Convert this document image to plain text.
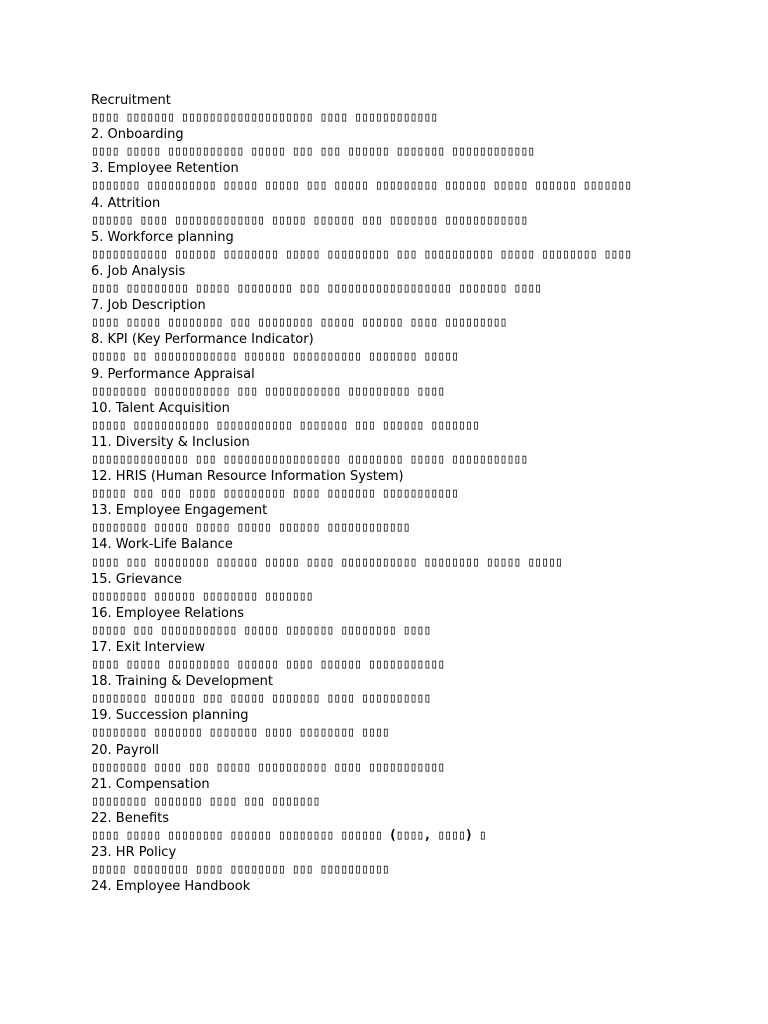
Recruitment
▯▯▯▯ ▯▯▯▯▯▯▯ ▯▯▯▯▯▯▯▯▯▯▯▯▯▯▯▯▯▯▯ ▯▯▯▯ ▯▯▯▯▯▯▯▯▯▯▯▯
2. Onboarding
▯▯▯▯ ▯▯▯▯▯ ▯▯▯▯▯▯▯▯▯▯▯ ▯▯▯▯▯ ▯▯▯ ▯▯▯ ▯▯▯▯▯▯ ▯▯▯▯▯▯▯ ▯▯▯▯▯▯▯▯▯▯▯▯
3. Employee Retention
▯▯▯▯▯▯▯ ▯▯▯▯▯▯▯▯▯▯ ▯▯▯▯▯ ▯▯▯▯▯ ▯▯▯ ▯▯▯▯▯ ▯▯▯▯▯▯▯▯▯ ▯▯▯▯▯▯ ▯▯▯▯▯ ▯▯▯▯▯▯ ▯▯▯▯▯▯▯
4. Attrition
▯▯▯▯▯▯ ▯▯▯▯ ▯▯▯▯▯▯▯▯▯▯▯▯▯ ▯▯▯▯▯ ▯▯▯▯▯▯ ▯▯▯ ▯▯▯▯▯▯▯ ▯▯▯▯▯▯▯▯▯▯▯▯
5. Workforce planning
▯▯▯▯▯▯▯▯▯▯▯ ▯▯▯▯▯▯ ▯▯▯▯▯▯▯▯ ▯▯▯▯▯ ▯▯▯▯▯▯▯▯▯ ▯▯▯ ▯▯▯▯▯▯▯▯▯▯ ▯▯▯▯▯ ▯▯▯▯▯▯▯▯ ▯▯▯▯
6. Job Analysis
▯▯▯▯ ▯▯▯▯▯▯▯▯▯ ▯▯▯▯▯ ▯▯▯▯▯▯▯▯ ▯▯▯ ▯▯▯▯▯▯▯▯▯▯▯▯▯▯▯▯▯▯ ▯▯▯▯▯▯▯ ▯▯▯▯
7. Job Description
▯▯▯▯ ▯▯▯▯▯ ▯▯▯▯▯▯▯▯ ▯▯▯ ▯▯▯▯▯▯▯▯ ▯▯▯▯▯ ▯▯▯▯▯▯ ▯▯▯▯ ▯▯▯▯▯▯▯▯▯
8. KPI (Key Performance Indicator)
▯▯▯▯▯ ▯▯ ▯▯▯▯▯▯▯▯▯▯▯▯ ▯▯▯▯▯▯ ▯▯▯▯▯▯▯▯▯▯ ▯▯▯▯▯▯▯ ▯▯▯▯▯
9. Performance Appraisal
▯▯▯▯▯▯▯▯ ▯▯▯▯▯▯▯▯▯▯▯ ▯▯▯ ▯▯▯▯▯▯▯▯▯▯▯ ▯▯▯▯▯▯▯▯▯ ▯▯▯▯
10. Talent Acquisition
▯▯▯▯▯ ▯▯▯▯▯▯▯▯▯▯▯ ▯▯▯▯▯▯▯▯▯▯▯ ▯▯▯▯▯▯▯ ▯▯▯ ▯▯▯▯▯▯ ▯▯▯▯▯▯▯
11. Diversity & Inclusion
▯▯▯▯▯▯▯▯▯▯▯▯▯▯ ▯▯▯ ▯▯▯▯▯▯▯▯▯▯▯▯▯▯▯▯▯ ▯▯▯▯▯▯▯▯ ▯▯▯▯▯ ▯▯▯▯▯▯▯▯▯▯▯
12. HRIS (Human Resource Information System)
▯▯▯▯▯ ▯▯▯ ▯▯▯ ▯▯▯▯ ▯▯▯▯▯▯▯▯▯ ▯▯▯▯ ▯▯▯▯▯▯▯ ▯▯▯▯▯▯▯▯▯▯▯
13. Employee Engagement
▯▯▯▯▯▯▯▯ ▯▯▯▯▯ ▯▯▯▯▯ ▯▯▯▯▯ ▯▯▯▯▯▯ ▯▯▯▯▯▯▯▯▯▯▯▯
14. Work-Life Balance
▯▯▯▯ ▯▯▯ ▯▯▯▯▯▯▯▯ ▯▯▯▯▯▯ ▯▯▯▯▯ ▯▯▯▯ ▯▯▯▯▯▯▯▯▯▯▯ ▯▯▯▯▯▯▯▯ ▯▯▯▯▯ ▯▯▯▯▯
15. Grievance
▯▯▯▯▯▯▯▯ ▯▯▯▯▯▯ ▯▯▯▯▯▯▯▯ ▯▯▯▯▯▯▯
16. Employee Relations
▯▯▯▯▯ ▯▯▯ ▯▯▯▯▯▯▯▯▯▯▯ ▯▯▯▯▯ ▯▯▯▯▯▯▯ ▯▯▯▯▯▯▯▯ ▯▯▯▯
17. Exit Interview
▯▯▯▯ ▯▯▯▯▯ ▯▯▯▯▯▯▯▯▯ ▯▯▯▯▯▯ ▯▯▯▯ ▯▯▯▯▯▯ ▯▯▯▯▯▯▯▯▯▯▯
18. Training & Development
▯▯▯▯▯▯▯▯ ▯▯▯▯▯▯ ▯▯▯ ▯▯▯▯▯ ▯▯▯▯▯▯▯ ▯▯▯▯ ▯▯▯▯▯▯▯▯▯▯
19. Succession planning
▯▯▯▯▯▯▯▯ ▯▯▯▯▯▯▯ ▯▯▯▯▯▯▯ ▯▯▯▯ ▯▯▯▯▯▯▯▯ ▯▯▯▯
20. Payroll
▯▯▯▯▯▯▯▯ ▯▯▯▯ ▯▯▯ ▯▯▯▯▯ ▯▯▯▯▯▯▯▯▯▯ ▯▯▯▯ ▯▯▯▯▯▯▯▯▯▯▯
21. Compensation
▯▯▯▯▯▯▯▯ ▯▯▯▯▯▯▯ ▯▯▯▯ ▯▯▯ ▯▯▯▯▯▯▯
22. Benefits
▯▯▯▯ ▯▯▯▯▯ ▯▯▯▯▯▯▯▯ ▯▯▯▯▯▯ ▯▯▯▯▯▯▯▯ ▯▯▯▯▯▯ (▯▯▯▯, ▯▯▯▯) ▯
23. HR Policy
▯▯▯▯▯ ▯▯▯▯▯▯▯▯ ▯▯▯▯ ▯▯▯▯▯▯▯▯ ▯▯▯ ▯▯▯▯▯▯▯▯▯▯
24. Employee Handbook
